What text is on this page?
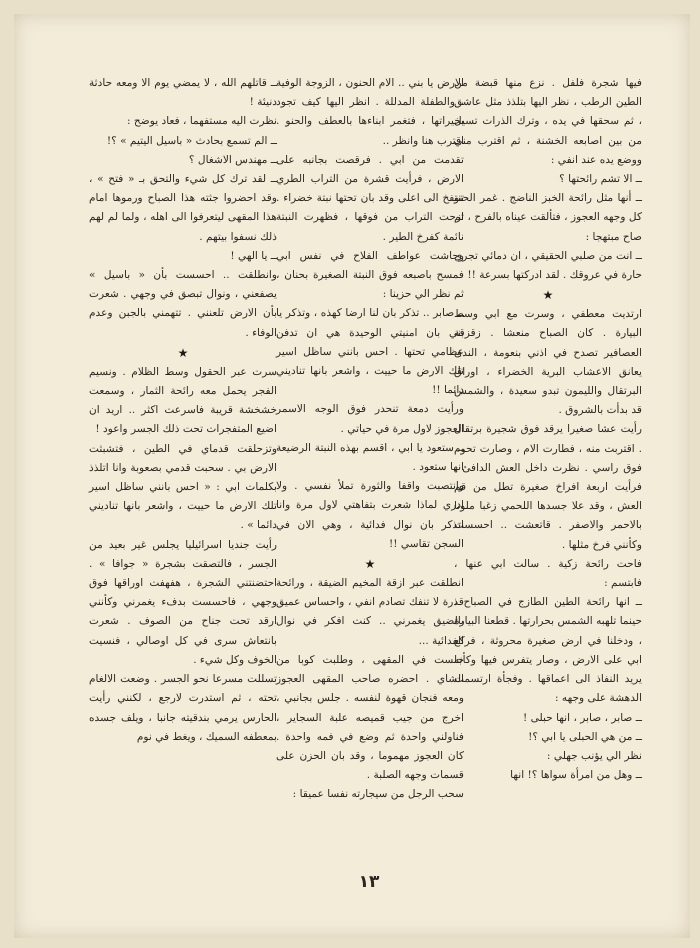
فيها شجرة فلفل . نزع منها قبضة من الطين الرطب ، نظر اليها بتلذذ مثل عاشق ، ثم سحقها في يده ، وترك الذرات تسيل من بين اصابعه الخشنة ، ثم اقترب مني ووضع يده عند انفي :

ــ الا تشم رائحتها ؟

ــ أنها مثل رائحة الخبز الناضج . غمر الحنو كل وجهه العجوز ، فتألقت عيناه بالفرح ، ثم صاح مبتهجا :

ــ انت من صلبي الحقيقي ، ان دمائي تجري حارة في عروقك . لقد ادركتها بسرعة !!

★

ارتديت معطفي ، وسرت مع ابي وسط البيارة . كان الصباح منعشا . زقزقة العصافير تصدح في اذني بنعومة ، الندى يعانق الاعشاب البرية الخضراء ، اوراق البرتقال والليمون تبدو سعيدة ، والشمس قد بدأت بالشروق .

رأيت عشا صغيرا يرقد فوق شجيرة برتقال . اقتربت منه ، فطارت الام ، وصارت تحوم فوق راسي . نظرت داخل العش الدافئ ، فرأيت اربعة افراخ صغيرة تطل من قم العش ، وقد علا جسدها اللحمي زغبا ملونا بالاحمر والاصفر . قاتعشت .. احسست وكأنني فرخ مثلها .

فاحت رائحة زكية . سالت ابي عنها ، فابتسم :

ــ انها رائحة الطين الطازج في الصباح ، حينما تلهبه الشمس بحرارتها . قطعنا البيارة ، ودخلنا في ارض صغيرة محروثة ، فركع ابي على الارض ، وصار يتفرس فيها وكأنه يريد النفاذ الى اعماقها . وفجأة ارتسمت الدهشة على وجهه :

ــ صابر ، صابر ، انها حبلى !

ــ من هي الحبلى يا ابي ؟!

نظر الي يؤنب جهلي :

ــ وهل من امرأة سواها ؟! انها

الارض يا بني .. الام الحنون ، الزوجة الوفية ، والطفلة المدللة . انظر اليها كيف تجود بخيراتها ، فتغمر ابناءها بالعطف والحنو . اقترب هنا وانظر ..

تقدمت من ابي . فرقصت بجانبه على الارض ، فرأيت قشرة من التراب الطري تنتفخ الى اعلى وقد بان تحتها نبتة خضراء . ازحت التراب من فوقها ، فظهرت النبتة نائمة كفرخ الطير .

وجاشت عواطف الفلاح في نفس ابي فمسح باصبعه فوق النبتة الصغيرة بحنان ، ثم نظر الي حزينا :

ــ صابر .. تذكر بان لنا ارضا كهذه ، وتذكر يا بني بان امنيتي الوحيدة هي ان تدفن عظامي تحتها . احس بانني ساظل اسير تلك الارض ما حييت ، واشعر بانها تناديني دائما !!

ورأيت دمعة تنحدر فوق الوجه الاسمر العجوز لاول مرة في حياتي .

ــ ستعود يا ابي ، اقسم بهذه النبتة الرضيعة انها ستعود .

وانتصبت واقفا والثورة تملأ نفسي . ولا ادري لماذا شعرت بتفاهتي لاول مرة وانا اتذكر بان نوال فدائية ، وهي الان في السجن تقاسي !!

★

انطلقت عبر ازقة المخيم الضيقة ، ورائحة قذرة لا تنفك تصادم انفي ، واحساس عميق بالضيق يغمرني .. كنت افكر في نوال الفدائية ...

جلست في المقهى ، وطلبت كوبا من الشاي . احضره صاحب المقهى العجوز ومعه فنجان قهوة لنفسه . جلس بجانبي ، اخرج من جيب قميصه علبة السجاير ، فناولني واحدة ثم وضع في فمه واحدة . كان العجوز مهموما ، وقد بان الحزن على قسمات وجهه الصلبة .

سحب الرجل من سيجارته نفسا عميقا :

ــ قاتلهم الله ، لا يمضي يوم الا ومعه حادثة دنيئة !

نظرت اليه مستفهما ، فعاد يوضح :

ــ الم تسمع بحادث « باسيل اليتيم » ؟!

ــ مهندس الاشغال ؟

ــ لقد ترك كل شيء والتحق بـ « فتح » ، وقد احضروا جثته هذا الصباح ورموها امام هذا المقهى ليتعرفوا الى اهله ، ولما لم لهم ذلك نسفوا بيتهم .

ــ يا الهي !

وانطلقت .. احسست بأن « باسيل » يصفعني ، ونوال تبصق في وجهي . شعرت بأن الارض تلعنني . تتهمني بالجبن وعدم الوفاء .

★

سرت عبر الحقول وسط الظلام . ونسيم الفجر يحمل معه رائحة الثمار ، وسمعت خشخشة قريبة فاسرعت اكثر .. اريد ان اضيع المتفجرات تحت ذلك الجسر واعود !

وتزحلقت قدماي في الطين ، فتشبثت الارض بي . سحبت قدمي بصعوبة وانا اتلذذ بكلمات ابي : « احس بانني ساظل اسير تلك الارض ما حييت ، واشعر بانها تناديني دائما » .

رأيت جنديا اسرائيليا يجلس غير بعيد من الجسر ، فالتصقت بشجرة « جوافا » . احتضنتني الشجرة ، هفهفت اوراقها فوق وجهي ، فاحسست بدفء يغمرني وكأنني ارقد تحت جناح من الصوف . شعرت بانتعاش سرى في كل اوصالي ، فنسيت الخوف وكل شيء .

تسللت مسرعا نحو الجسر . وضعت الالغام تحته ، ثم استدرت لارجع ، لكنني رأيت الحارس يرمي بندقيته جانبا ، ويلف جسده بمعطفه السميك ، ويغط في نوم

١٣
